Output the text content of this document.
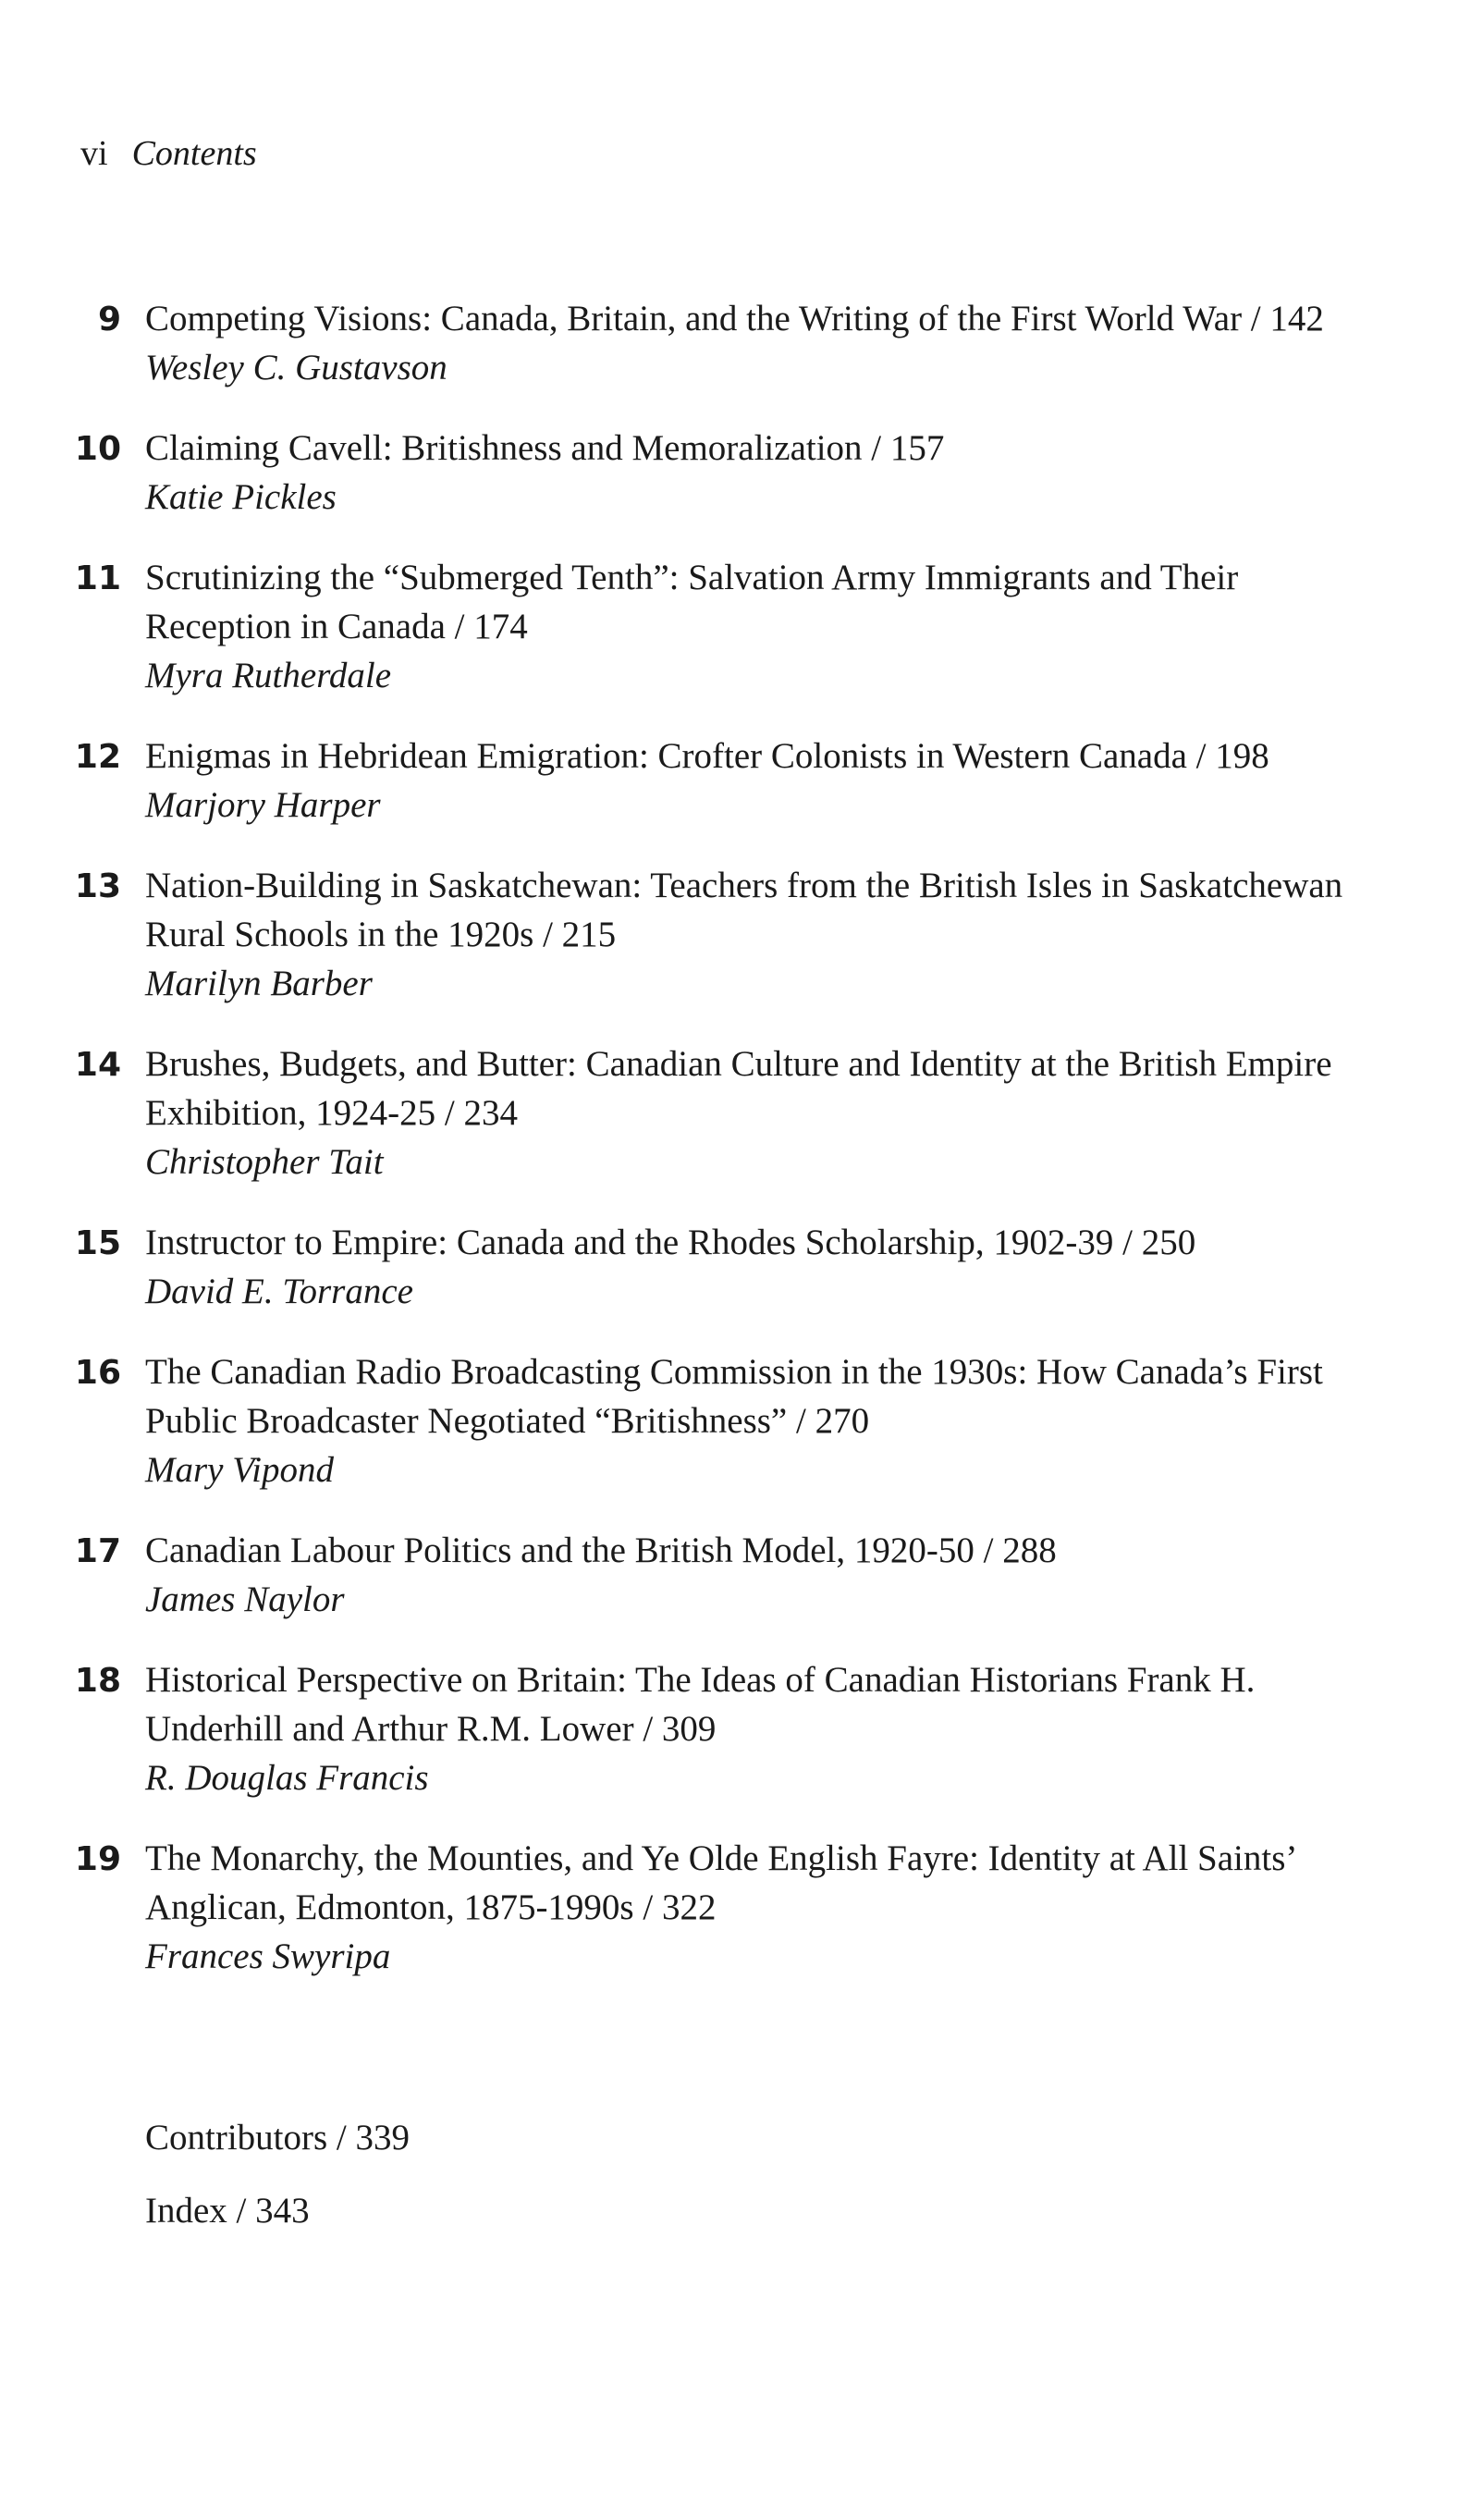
vi Contents
9 Competing Visions: Canada, Britain, and the Writing of the First World War / 142
Wesley C. Gustavson
10 Claiming Cavell: Britishness and Memoralization / 157
Katie Pickles
11 Scrutinizing the “Submerged Tenth”: Salvation Army Immigrants and Their Reception in Canada / 174
Myra Rutherdale
12 Enigmas in Hebridean Emigration: Crofter Colonists in Western Canada / 198
Marjory Harper
13 Nation-Building in Saskatchewan: Teachers from the British Isles in Saskatchewan Rural Schools in the 1920s / 215
Marilyn Barber
14 Brushes, Budgets, and Butter: Canadian Culture and Identity at the British Empire Exhibition, 1924-25 / 234
Christopher Tait
15 Instructor to Empire: Canada and the Rhodes Scholarship, 1902-39 / 250
David E. Torrance
16 The Canadian Radio Broadcasting Commission in the 1930s: How Canada’s First Public Broadcaster Negotiated “Britishness” / 270
Mary Vipond
17 Canadian Labour Politics and the British Model, 1920-50 / 288
James Naylor
18 Historical Perspective on Britain: The Ideas of Canadian Historians Frank H. Underhill and Arthur R.M. Lower / 309
R. Douglas Francis
19 The Monarchy, the Mounties, and Ye Olde English Fayre: Identity at All Saints’ Anglican, Edmonton, 1875-1990s / 322
Frances Swyripa
Contributors / 339
Index / 343
